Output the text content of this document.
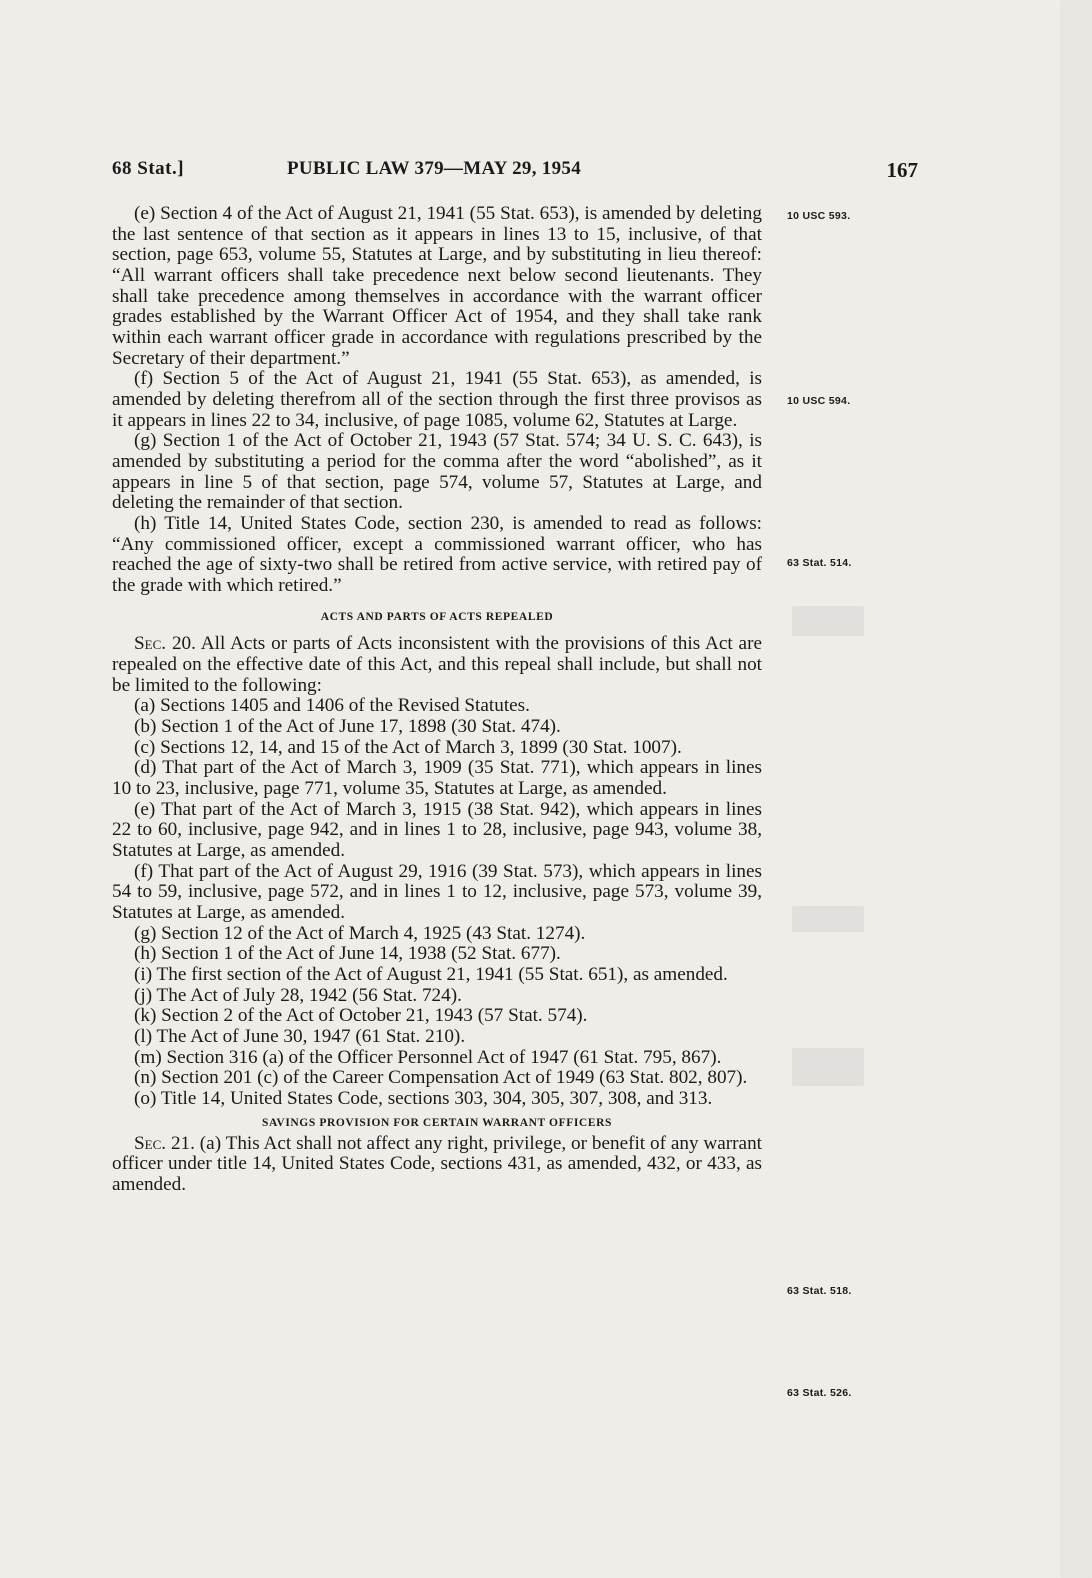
68 Stat.]	PUBLIC LAW 379—MAY 29, 1954	167
10 USC 593.
10 USC 594.
63 Stat. 514.
63 Stat. 518.
63 Stat. 526.

(e) Section 4 of the Act of August 21, 1941 (55 Stat. 653), is amended by deleting the last sentence of that section as it appears in lines 13 to 15, inclusive, of that section, page 653, volume 55, Statutes at Large, and by substituting in lieu thereof: “All warrant officers shall take precedence next below second lieutenants. They shall take precedence among themselves in accordance with the warrant officer grades established by the Warrant Officer Act of 1954, and they shall take rank within each warrant officer grade in accordance with regulations prescribed by the Secretary of their department.”

(f) Section 5 of the Act of August 21, 1941 (55 Stat. 653), as amended, is amended by deleting therefrom all of the section through the first three provisos as it appears in lines 22 to 34, inclusive, of page 1085, volume 62, Statutes at Large.

(g) Section 1 of the Act of October 21, 1943 (57 Stat. 574; 34 U. S. C. 643), is amended by substituting a period for the comma after the word “abolished”, as it appears in line 5 of that section, page 574, volume 57, Statutes at Large, and deleting the remainder of that section.

(h) Title 14, United States Code, section 230, is amended to read as follows: “Any commissioned officer, except a commissioned warrant officer, who has reached the age of sixty-two shall be retired from active service, with retired pay of the grade with which retired.”

ACTS AND PARTS OF ACTS REPEALED

Sec. 20. All Acts or parts of Acts inconsistent with the provisions of this Act are repealed on the effective date of this Act, and this repeal shall include, but shall not be limited to the following:

(a) Sections 1405 and 1406 of the Revised Statutes.

(b) Section 1 of the Act of June 17, 1898 (30 Stat. 474).

(c) Sections 12, 14, and 15 of the Act of March 3, 1899 (30 Stat. 1007).

(d) That part of the Act of March 3, 1909 (35 Stat. 771), which appears in lines 10 to 23, inclusive, page 771, volume 35, Statutes at Large, as amended.

(e) That part of the Act of March 3, 1915 (38 Stat. 942), which appears in lines 22 to 60, inclusive, page 942, and in lines 1 to 28, inclusive, page 943, volume 38, Statutes at Large, as amended.

(f) That part of the Act of August 29, 1916 (39 Stat. 573), which appears in lines 54 to 59, inclusive, page 572, and in lines 1 to 12, inclusive, page 573, volume 39, Statutes at Large, as amended.

(g) Section 12 of the Act of March 4, 1925 (43 Stat. 1274).

(h) Section 1 of the Act of June 14, 1938 (52 Stat. 677).

(i) The first section of the Act of August 21, 1941 (55 Stat. 651), as amended.

(j) The Act of July 28, 1942 (56 Stat. 724).

(k) Section 2 of the Act of October 21, 1943 (57 Stat. 574).

(l) The Act of June 30, 1947 (61 Stat. 210).

(m) Section 316 (a) of the Officer Personnel Act of 1947 (61 Stat. 795, 867).

(n) Section 201 (c) of the Career Compensation Act of 1949 (63 Stat. 802, 807).

(o) Title 14, United States Code, sections 303, 304, 305, 307, 308, and 313.

SAVINGS PROVISION FOR CERTAIN WARRANT OFFICERS

Sec. 21. (a) This Act shall not affect any right, privilege, or benefit of any warrant officer under title 14, United States Code, sections 431, as amended, 432, or 433, as amended.
